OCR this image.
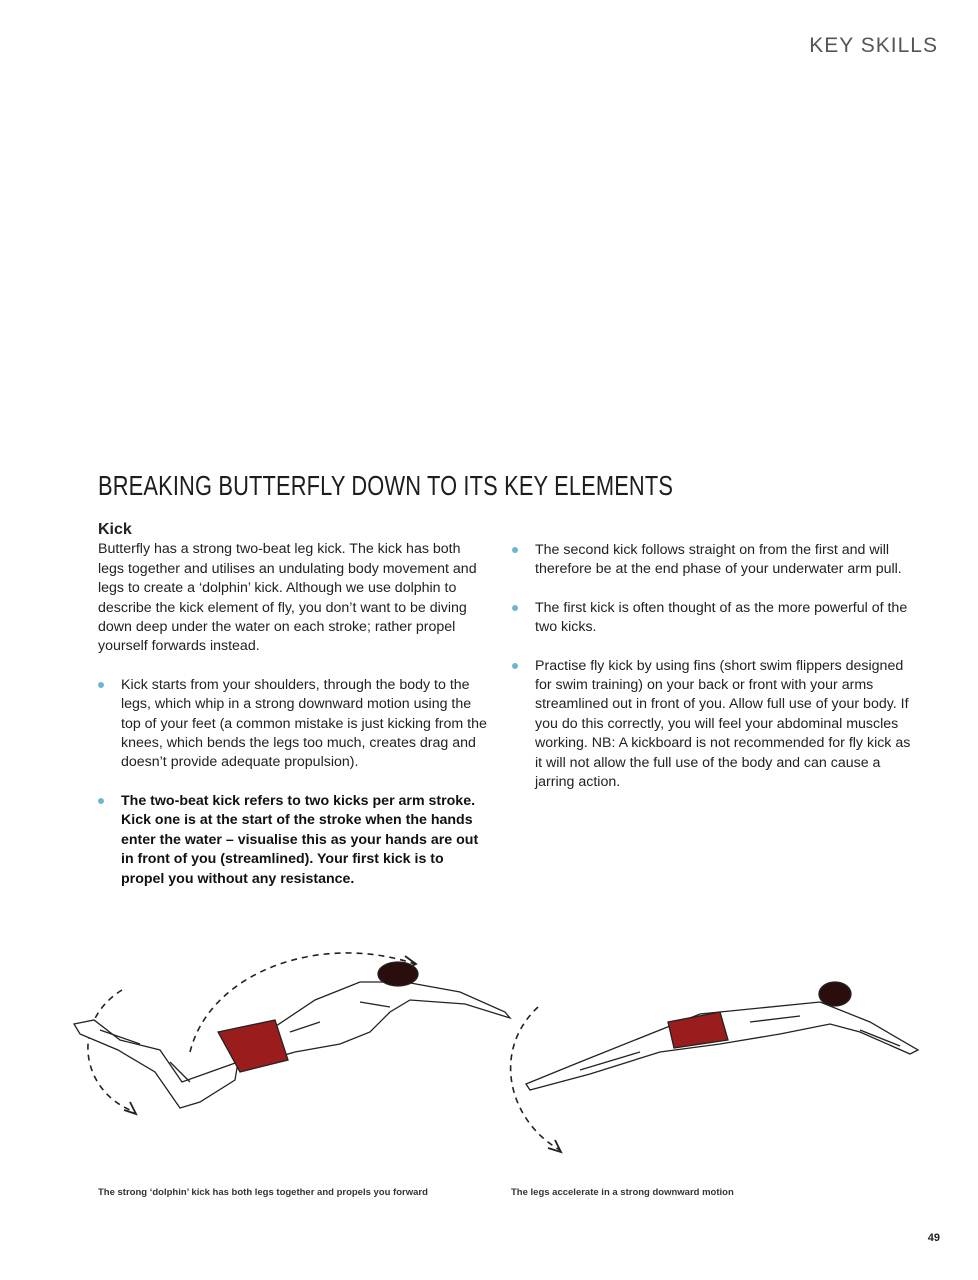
KEY SKILLS
BREAKING BUTTERFLY DOWN TO ITS KEY ELEMENTS
Kick

Butterfly has a strong two-beat leg kick. The kick has both legs together and utilises an undulating body movement and legs to create a ‘dolphin’ kick. Although we use dolphin to describe the kick element of fly, you don’t want to be diving down deep under the water on each stroke; rather propel yourself forwards instead.

Kick starts from your shoulders, through the body to the legs, which whip in a strong downward motion using the top of your feet (a common mistake is just kicking from the knees, which bends the legs too much, creates drag and doesn’t provide adequate propulsion).
The two-beat kick refers to two kicks per arm stroke. Kick one is at the start of the stroke when the hands enter the water – visualise this as your hands are out in front of you (streamlined). Your first kick is to propel you without any resistance.
The second kick follows straight on from the first and will therefore be at the end phase of your underwater arm pull.
The first kick is often thought of as the more powerful of the two kicks.
Practise fly kick by using fins (short swim flippers designed for swim training) on your back or front with your arms streamlined out in front of you. Allow full use of your body. If you do this correctly, you will feel your abdominal muscles working. NB: A kickboard is not recommended for fly kick as it will not allow the full use of the body and can cause a jarring action.
The strong ‘dolphin’ kick has both legs together and propels you forward	The legs accelerate in a strong downward motion
49
